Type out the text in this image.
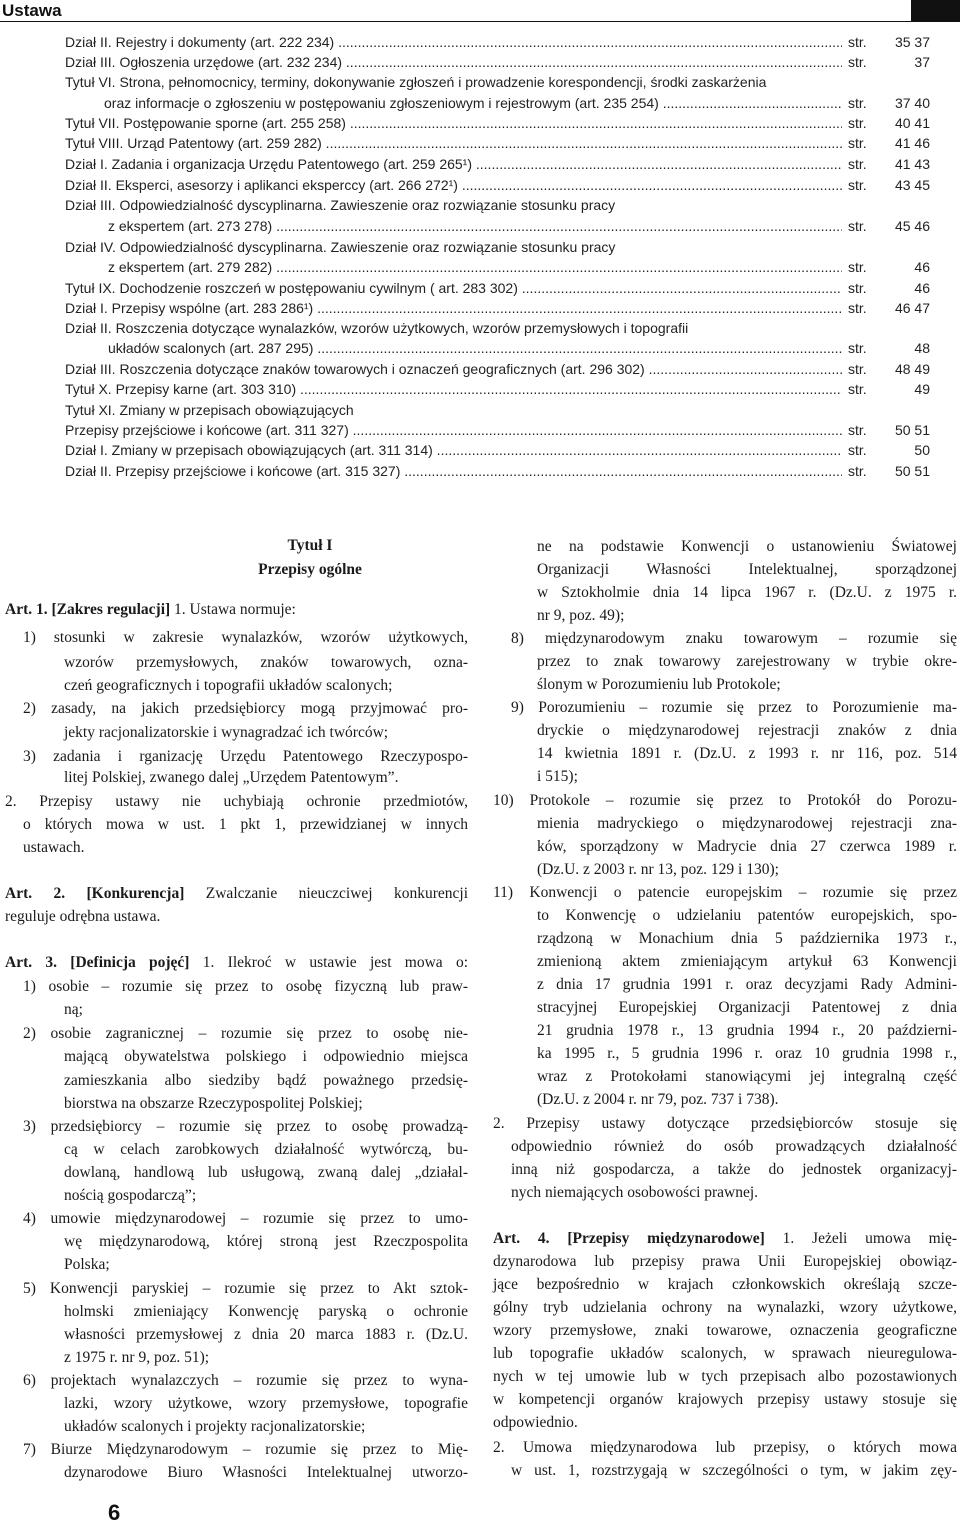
Ustawa
Dział II. Rejestry i dokumenty (art. 222 234) .....	str.	35 37
Dział III. Ogłoszenia urzędowe (art. 232 234) .....	str.	37
Tytuł VI. Strona, pełnomocnicy, terminy, dokonywanie zgłoszeń i prowadzenie korespondencji, środki zaskarżenia
oraz informacje o zgłoszeniu w postępowaniu zgłoszeniowym i rejestrowym (art. 235 254) .....	str.	37 40
Tytuł VII. Postępowanie sporne (art. 255 258) .....	str.	40 41
Tytuł VIII. Urząd Patentowy (art. 259 282) .....	str.	41 46
Dział I. Zadania i organizacja Urzędu Patentowego (art. 259 265¹) .....	str.	41 43
Dział II. Eksperci, asesorzy i aplikanci eksperccy (art. 266 272¹) .....	str.	43 45
Dział III. Odpowiedzialność dyscyplinarna. Zawieszenie oraz rozwiązanie stosunku pracy
z ekspertem (art. 273 278) .....	str.	45 46
Dział IV. Odpowiedzialność dyscyplinarna. Zawieszenie oraz rozwiązanie stosunku pracy
z ekspertem (art. 279 282) .....	str.	46
Tytuł IX. Dochodzenie roszczeń w postępowaniu cywilnym ( art. 283 302) .....	str.	46
Dział I. Przepisy wspólne (art. 283 286¹) .....	str.	46 47
Dział II. Roszczenia dotyczące wynalazków, wzorów użytkowych, wzorów przemysłowych i topografii
układów scalonych (art. 287 295) .....	str.	48
Dział III. Roszczenia dotyczące znaków towarowych i oznaczeń geograficznych (art. 296 302) .....	str.	48 49
Tytuł X. Przepisy karne (art. 303 310) .....	str.	49
Tytuł XI. Zmiany w przepisach obowiązujących
Przepisy przejściowe i końcowe (art. 311 327) .....	str.	50 51
Dział I. Zmiany w przepisach obowiązujących (art. 311 314) .....	str.	50
Dział II. Przepisy przejściowe i końcowe (art. 315 327) .....	str.	50 51
Tytuł I
Przepisy ogólne
Art. 1. [Zakres regulacji] 1. Ustawa normuje:
1) stosunki w zakresie wynalazków, wzorów użytkowych,
wzorów przemysłowych, znaków towarowych, ozna-
czeń geograficznych i topografii układów scalonych;
2) zasady, na jakich przedsiębiorcy mogą przyjmować pro-
jekty racjonalizatorskie i wynagradzać ich twórców;
3) zadania i rganizację Urzędu Patentowego Rzeczypospo-
litej Polskiej, zwanego dalej „Urzędem Patentowym”.
2. Przepisy ustawy nie uchybiają ochronie przedmiotów,
o których mowa w ust. 1 pkt 1, przewidzianej w innych
ustawach.
Art. 2. [Konkurencja] Zwalczanie nieuczciwej konkurencji
reguluje odrębna ustawa.
Art. 3. [Definicja pojęć] 1. Ilekroć w ustawie jest mowa o:
1) osobie – rozumie się przez to osobę fizyczną lub praw-
ną;
2) osobie zagranicznej – rozumie się przez to osobę nie-
mającą obywatelstwa polskiego i odpowiednio miejsca
zamieszkania albo siedziby bądź poważnego przedsię-
biorstwa na obszarze Rzeczypospolitej Polskiej;
3) przedsiębiorcy – rozumie się przez to osobę prowadzą-
cą w celach zarobkowych działalność wytwórczą, bu-
dowlaną, handlową lub usługową, zwaną dalej „działal-
nością gospodarczą”;
4) umowie międzynarodowej – rozumie się przez to umo-
wę międzynarodową, której stroną jest Rzeczpospolita
Polska;
5) Konwencji paryskiej – rozumie się przez to Akt sztok-
holmski zmieniający Konwencję paryską o ochronie
własności przemysłowej z dnia 20 marca 1883 r. (Dz.U.
z 1975 r. nr 9, poz. 51);
6) projektach wynalazczych – rozumie się przez to wyna-
lazki, wzory użytkowe, wzory przemysłowe, topografie
układów scalonych i projekty racjonalizatorskie;
7) Biurze Międzynarodowym – rozumie się przez to Mię-
dzynarodowe Biuro Własności Intelektualnej utworzo-
ne na podstawie Konwencji o ustanowieniu Światowej
Organizacji Własności Intelektualnej, sporządzonej
w Sztokholmie dnia 14 lipca 1967 r. (Dz.U. z 1975 r.
nr 9, poz. 49);
8) międzynarodowym znaku towarowym – rozumie się
przez to znak towarowy zarejestrowany w trybie okre-
ślonym w Porozumieniu lub Protokole;
9) Porozumieniu – rozumie się przez to Porozumienie ma-
dryckie o międzynarodowej rejestracji znaków z dnia
14 kwietnia 1891 r. (Dz.U. z 1993 r. nr 116, poz. 514
i 515);
10) Protokole – rozumie się przez to Protokół do Porozu-
mienia madryckiego o międzynarodowej rejestracji zna-
ków, sporządzony w Madrycie dnia 27 czerwca 1989 r.
(Dz.U. z 2003 r. nr 13, poz. 129 i 130);
11) Konwencji o patencie europejskim – rozumie się przez
to Konwencję o udzielaniu patentów europejskich, spo-
rządzoną w Monachium dnia 5 października 1973 r.,
zmienioną aktem zmieniającym artykuł 63 Konwencji
z dnia 17 grudnia 1991 r. oraz decyzjami Rady Admini-
stracyjnej Europejskiej Organizacji Patentowej z dnia
21 grudnia 1978 r., 13 grudnia 1994 r., 20 październi-
ka 1995 r., 5 grudnia 1996 r. oraz 10 grudnia 1998 r.,
wraz z Protokołami stanowiącymi jej integralną część
(Dz.U. z 2004 r. nr 79, poz. 737 i 738).
2. Przepisy ustawy dotyczące przedsiębiorców stosuje się
odpowiednio również do osób prowadzących działalność
inną niż gospodarcza, a także do jednostek organizacyj-
nych niemających osobowości prawnej.
Art. 4. [Przepisy międzynarodowe] 1. Jeżeli umowa mię-
dzynarodowa lub przepisy prawa Unii Europejskiej obowiąz-
jące bezpośrednio w krajach członkowskich określają szcze-
gólny tryb udzielania ochrony na wynalazki, wzory użytkowe,
wzory przemysłowe, znaki towarowe, oznaczenia geograficzne
lub topografie układów scalonych, w sprawach nieuregulowa-
nych w tej umowie lub w tych przepisach albo pozostawionych
w kompetencji organów krajowych przepisy ustawy stosuje się
odpowiednio.
2. Umowa międzynarodowa lub przepisy, o których mowa
w ust. 1, rozstrzygają w szczególności o tym, w jakim zęy-
6
